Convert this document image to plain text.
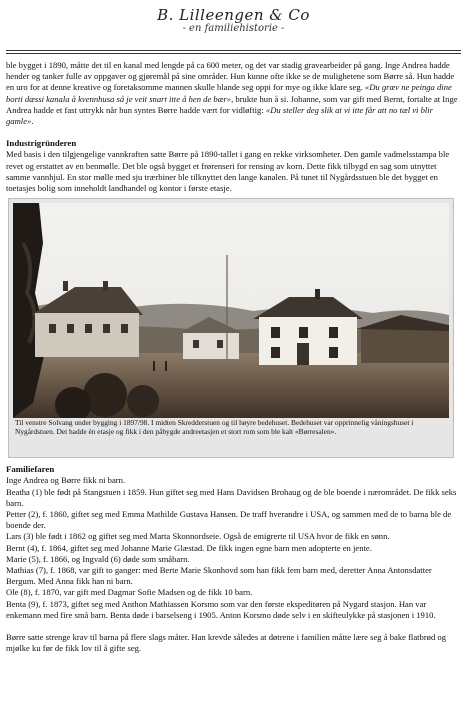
B. Lilleengen & Co
- en familiehistorie -

ble bygget i 1890, måtte det til en kanal med lengde på ca 600 meter, og det var stadig gravearbeider på gang. Inge Andrea hadde hender og tanker fulle av oppgaver og gjøremål på sine områder. Hun kunne ofte ikke se de mulighetene som Børre så. Hun hadde en uro for at denne kreative og foretaksomme mannen skulle blande seg oppi for mye og ikke klare seg. «Du græv ne peinga dine borti dæssi kanala å kvennhusa så je veit snart itte å hen de bær», brukte hun å si. Johanne, som var gift med Bernt, fortalte at Inge Andrea hadde et fast uttrykk når hun syntes Børre hadde vært for vidløftig: «Du steller deg slik at vi itte får att no tæl vi blir gamle».

Industrigründeren

Med basis i den tilgjengelige vannkraften satte Børre på 1890-tallet i gang en rekke virksomheter. Den gamle vadmelsstampa ble revet og erstattet av en benmølle. Det ble også bygget et frørenseri for rensing av korn. Dette fikk tilbygd en sag som utnyttet samme vannhjul. En stor mølle med sju trærbiner ble tilknyttet den lange kanalen. På tunet til Nygårdsstuen ble det bygget en toetasjes bolig som inneholdt landhandel og kontor i første etasje.

Til venstre Solvang under bygging i 1897/98. I midten Skredderstuen og til høyre bedehuset. Bedehuset var opprinnelig våningshuset i Nygårdstuen. Det hadde én etasje og fikk i den påbygde andreetasjen et stort rom som ble kalt «Børresalen».

Familiefaren

Inge Andrea og Børre fikk ni barn.

Beatha (1) ble født på Stangstuen i 1859. Hun giftet seg med Hans Davidsen Brohaug og de ble boende i nærområdet. De fikk seks barn.

Petter (2), f. 1860, giftet seg med Emma Mathilde Gustava Hansen. De traff hverandre i USA, og sammen med de to barna ble de boende der.

Lars (3) ble født i 1862 og giftet seg med Marta Skonnordseie. Også de emigrerte til USA hvor de fikk en sønn.

Bernt (4), f. 1864, giftet seg med Johanne Marie Glæstad. De fikk ingen egne barn men adopterte en jente.

Marie (5), f. 1866, og Ingvald (6) døde som småbarn.

Mathias (7), f. 1868, var gift to ganger: med Berte Marie Skonhovd som han fikk fem barn med, deretter Anna Antonsdatter Bergum. Med Anna fikk han ni barn.

Ole (8), f. 1870, var gift med Dagmar Sofie Madsen og de fikk 10 barn.

Benta (9), f. 1873, giftet seg med Anthon Mathiassen Korsmo som var den første ekspeditøren på Nygard stasjon. Han var enkemann med fire små barn. Benta døde i barselseng i 1905. Anton Korsmo døde selv i en skifteulykke på stasjonen i 1910.

Børre satte strenge krav til barna på flere slags måter. Han krevde således at døtrene i familien måtte lære seg å bake flatbrød og mjølke ku før de fikk lov til å gifte seg.
